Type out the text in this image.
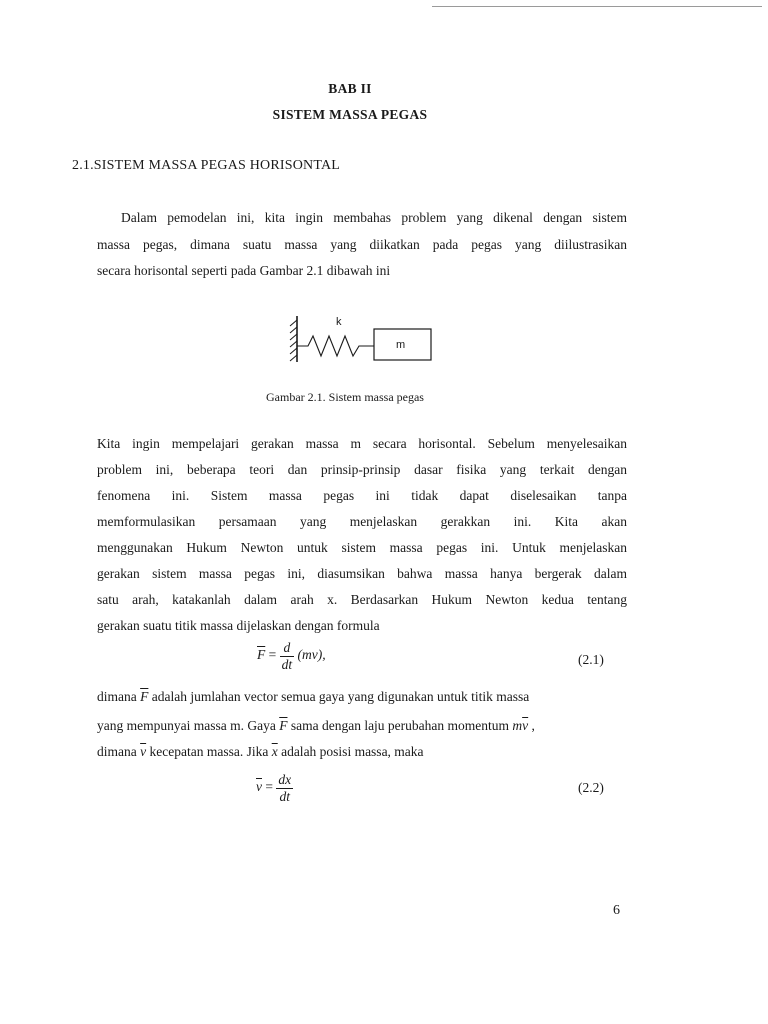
BAB II
SISTEM MASSA PEGAS
2.1.SISTEM MASSA PEGAS HORISONTAL
Dalam pemodelan ini, kita ingin membahas problem yang dikenal dengan sistem
massa pegas, dimana suatu massa yang diikatkan pada pegas yang diilustrasikan
secara horisontal seperti pada Gambar 2.1 dibawah ini
k
m
Gambar 2.1. Sistem massa pegas
Kita ingin mempelajari gerakan massa m secara horisontal. Sebelum menyelesaikan
problem ini, beberapa teori dan prinsip-prinsip dasar fisika yang terkait dengan
fenomena ini. Sistem massa pegas ini tidak dapat diselesaikan tanpa
memformulasikan persamaan yang menjelaskan gerakkan ini. Kita akan
menggunakan Hukum Newton untuk sistem massa pegas ini. Untuk menjelaskan
gerakan sistem massa pegas ini, diasumsikan bahwa massa hanya bergerak dalam
satu arah, katakanlah dalam arah x. Berdasarkan Hukum Newton kedua tentang
gerakan suatu titik massa dijelaskan dengan formula
$\overline{F} = \frac{d}{dt} (mv)$,	(2.1)
dimana $\overline{F}$ adalah jumlahan vector semua gaya yang digunakan untuk titik massa
yang mempunyai massa m. Gaya $\overline{F}$ sama dengan laju perubahan momentum $m\overline{v}$ ,
dimana $\overline{v}$ kecepatan massa. Jika $\overline{x}$ adalah posisi massa, maka
$\overline{v} = \frac{dx}{dt}$	(2.2)
6
